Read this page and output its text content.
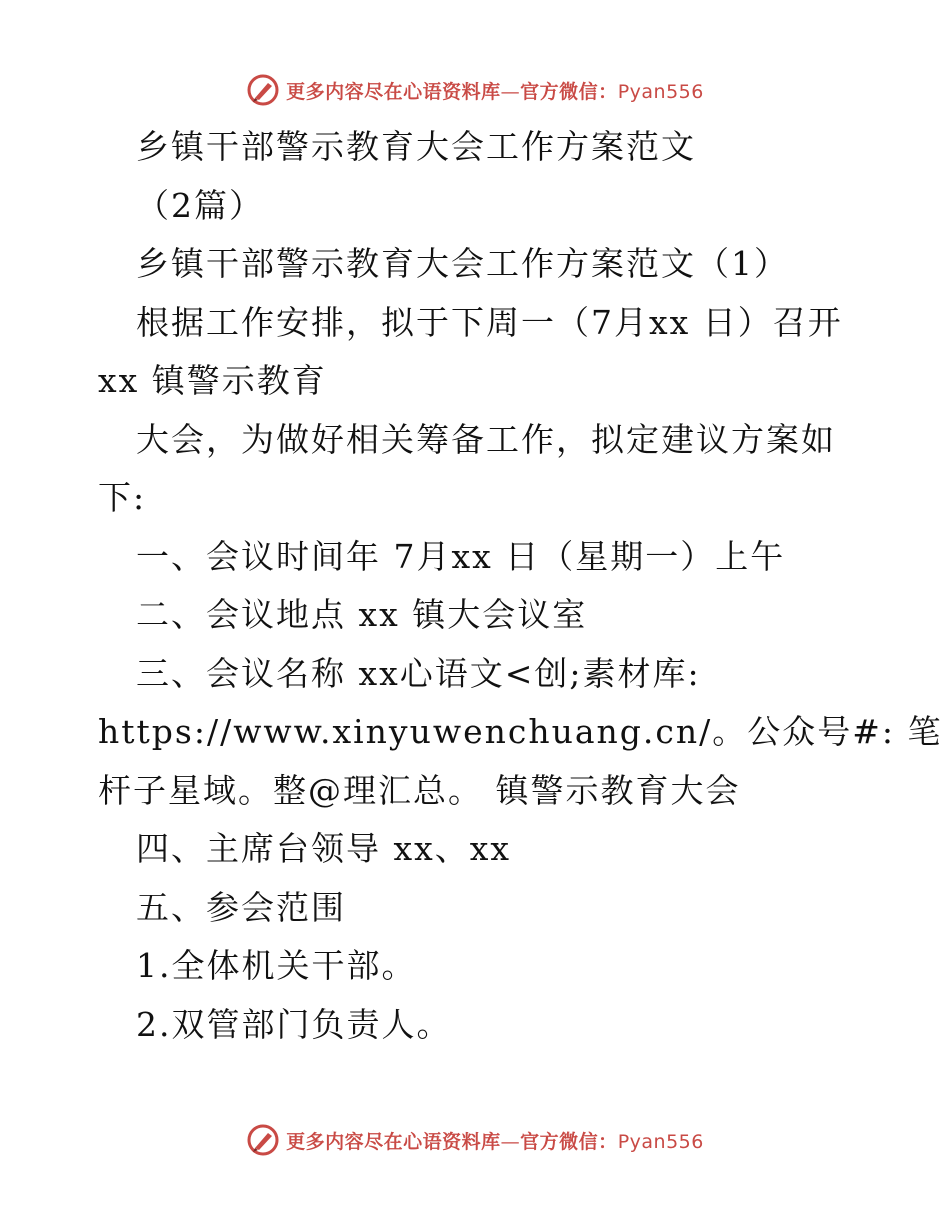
更多内容尽在心语资料库—官方微信：Pyan556
乡镇干部警示教育大会工作方案范文
（2篇）
乡镇干部警示教育大会工作方案范文（1）
根据工作安排，拟于下周一（7月xx 日）召开
xx 镇警示教育
大会，为做好相关筹备工作，拟定建议方案如
下:
一、会议时间年 7月xx 日（星期一）上午
二、会议地点 xx 镇大会议室
三、会议名称 xx心语文<创;素材库:
https://www.xinyuwenchuang.cn/。公众号#: 笔
杆子星域。整@理汇总。 镇警示教育大会
四、主席台领导 xx、xx
五、参会范围
1.全体机关干部。
2.双管部门负责人。
更多内容尽在心语资料库—官方微信：Pyan556
